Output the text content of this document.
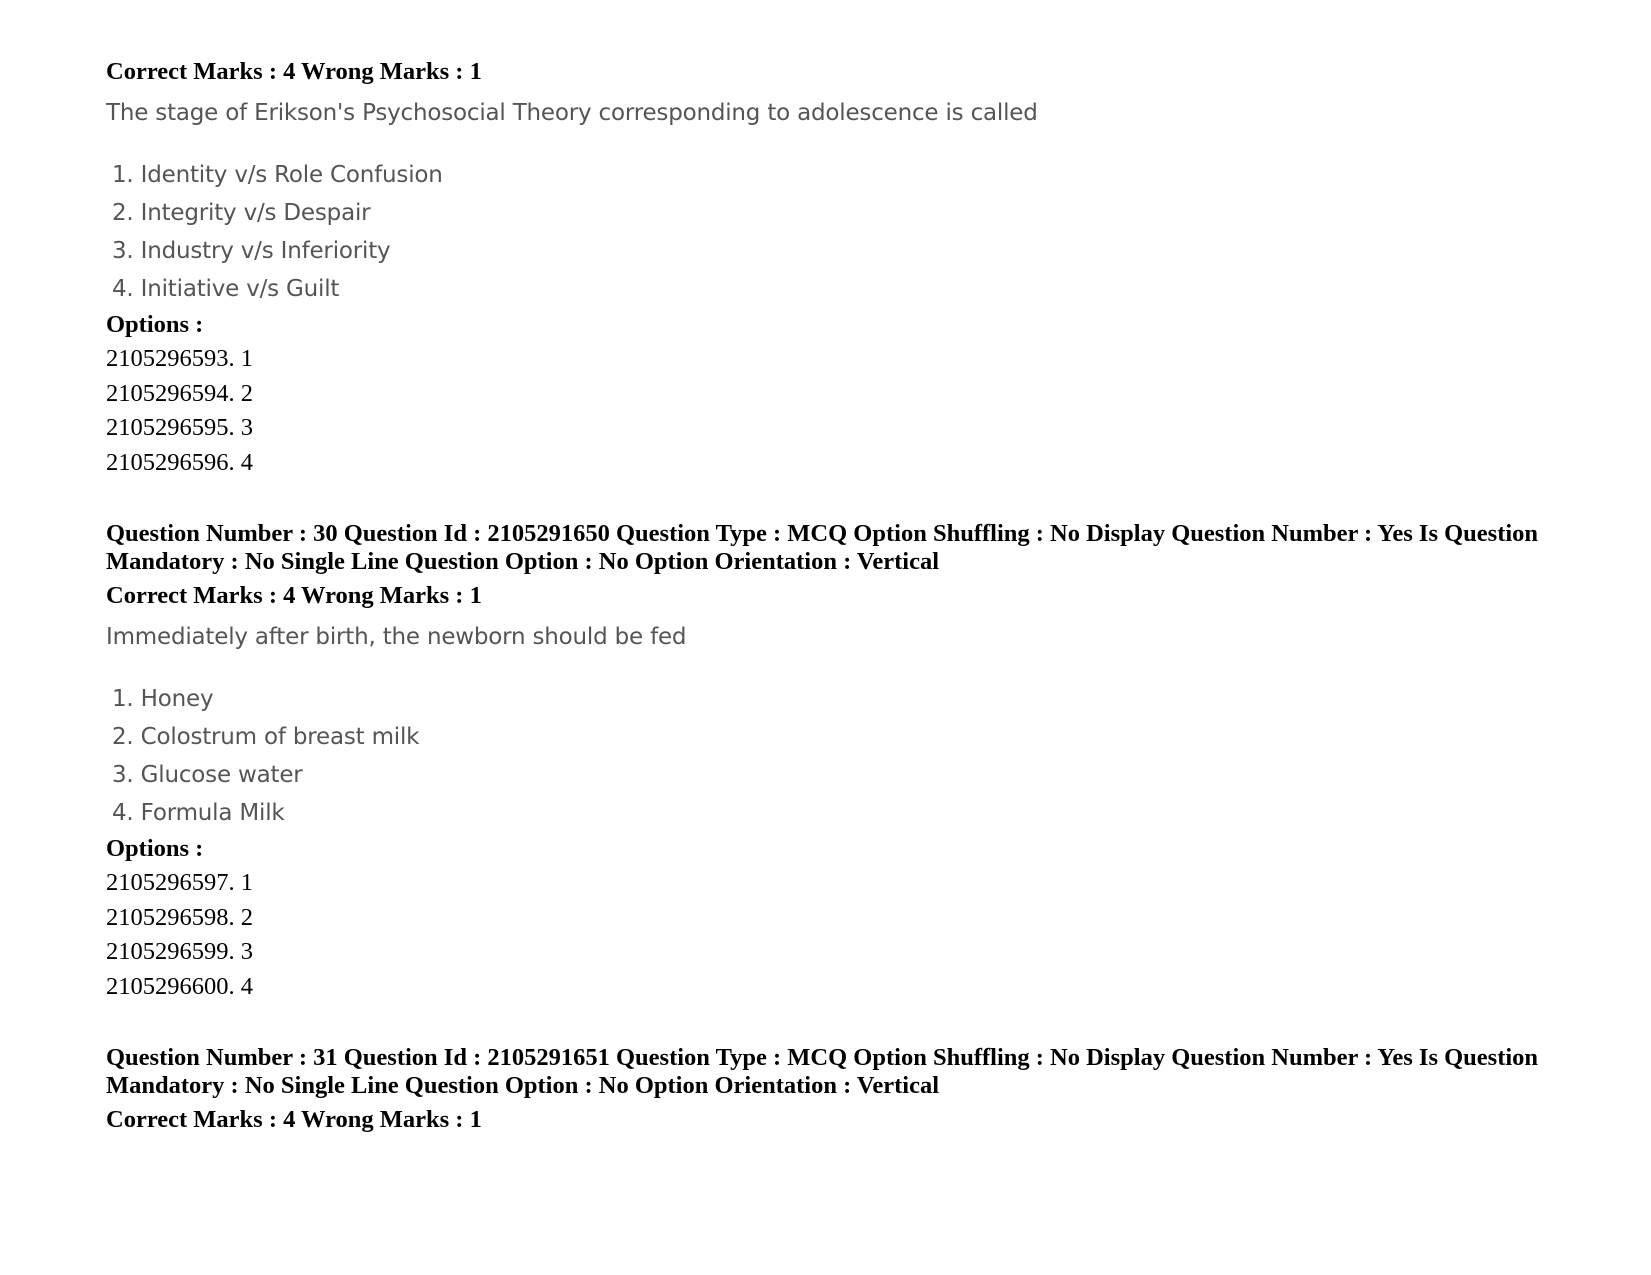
Correct Marks : 4 Wrong Marks : 1

The stage of Erikson's Psychosocial Theory corresponding to adolescence is called

1. Identity v/s Role Confusion
2. Integrity v/s Despair
3. Industry v/s Inferiority
4. Initiative v/s Guilt

Options :

2105296593. 1
2105296594. 2
2105296595. 3
2105296596. 4

Question Number : 30 Question Id : 2105291650 Question Type : MCQ Option Shuffling : No Display Question Number : Yes Is Question Mandatory : No Single Line Question Option : No Option Orientation : Vertical

Correct Marks : 4 Wrong Marks : 1

Immediately after birth, the newborn should be fed

1. Honey
2. Colostrum of breast milk
3. Glucose water
4. Formula Milk

Options :

2105296597. 1
2105296598. 2
2105296599. 3
2105296600. 4

Question Number : 31 Question Id : 2105291651 Question Type : MCQ Option Shuffling : No Display Question Number : Yes Is Question Mandatory : No Single Line Question Option : No Option Orientation : Vertical

Correct Marks : 4 Wrong Marks : 1
